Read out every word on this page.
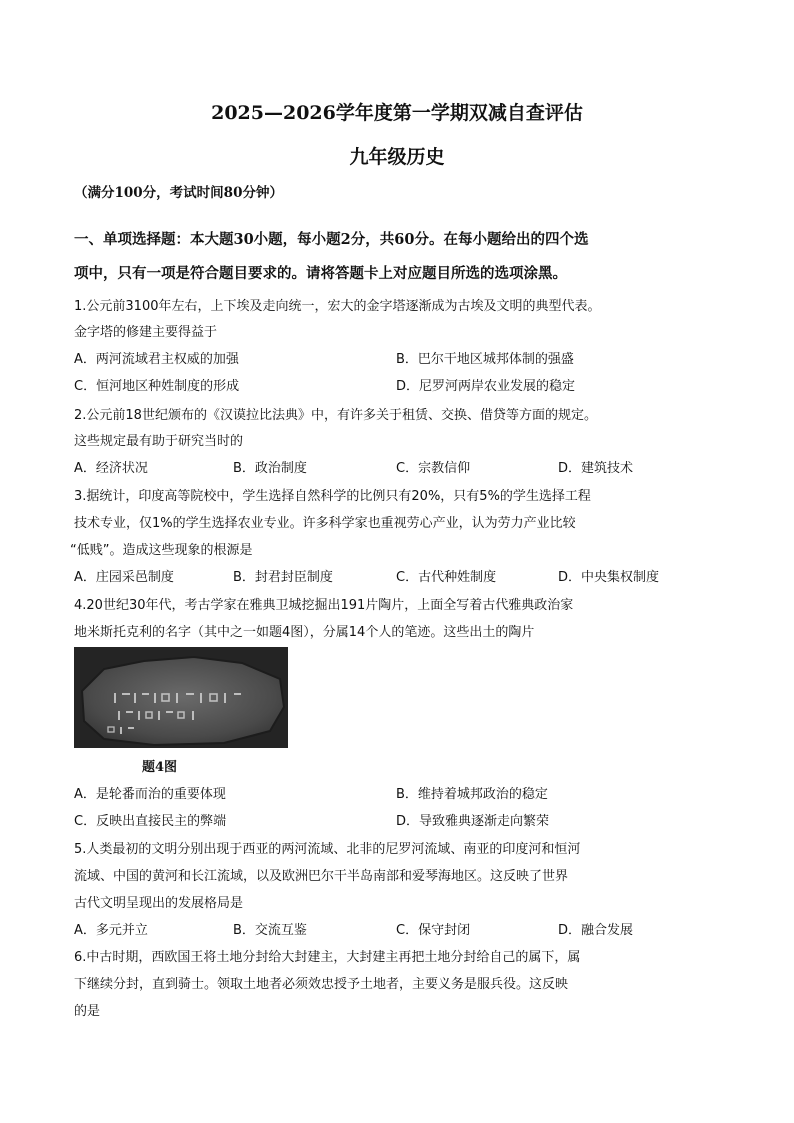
2025—2026学年度第一学期双减自查评估
九年级历史
（满分100分，考试时间80分钟）
一、单项选择题：本大题30小题，每小题2分，共60分。在每小题给出的四个选
项中，只有一项是符合题目要求的。请将答题卡上对应题目所选的选项涂黑。
1.公元前3100年左右，上下埃及走向统一，宏大的金字塔逐渐成为古埃及文明的典型代表。
金字塔的修建主要得益于
A．两河流域君主权威的加强	B．巴尔干地区城邦体制的强盛
C．恒河地区种姓制度的形成	D．尼罗河两岸农业发展的稳定
2.公元前18世纪颁布的《汉谟拉比法典》中，有许多关于租赁、交换、借贷等方面的规定。
这些规定最有助于研究当时的
A．经济状况	B．政治制度	C．宗教信仰	D．建筑技术
3.据统计，印度高等院校中，学生选择自然科学的比例只有20%，只有5%的学生选择工程
技术专业，仅1%的学生选择农业专业。许多科学家也重视劳心产业，认为劳力产业比较
“低贱”。造成这些现象的根源是
A．庄园采邑制度	B．封君封臣制度	C．古代种姓制度	D．中央集权制度
4.20世纪30年代，考古学家在雅典卫城挖掘出191片陶片，上面全写着古代雅典政治家
地米斯托克利的名字（其中之一如题4图），分属14个人的笔迹。这些出土的陶片
题4图
A．是轮番而治的重要体现	B．维持着城邦政治的稳定
C．反映出直接民主的弊端	D．导致雅典逐渐走向繁荣
5.人类最初的文明分别出现于西亚的两河流域、北非的尼罗河流域、南亚的印度河和恒河
流域、中国的黄河和长江流域，以及欧洲巴尔干半岛南部和爱琴海地区。这反映了世界
古代文明呈现出的发展格局是
A．多元并立	B．交流互鉴	C．保守封闭	D．融合发展
6.中古时期，西欧国王将土地分封给大封建主，大封建主再把土地分封给自己的属下，属
下继续分封，直到骑士。领取土地者必须效忠授予土地者，主要义务是服兵役。这反映
的是
